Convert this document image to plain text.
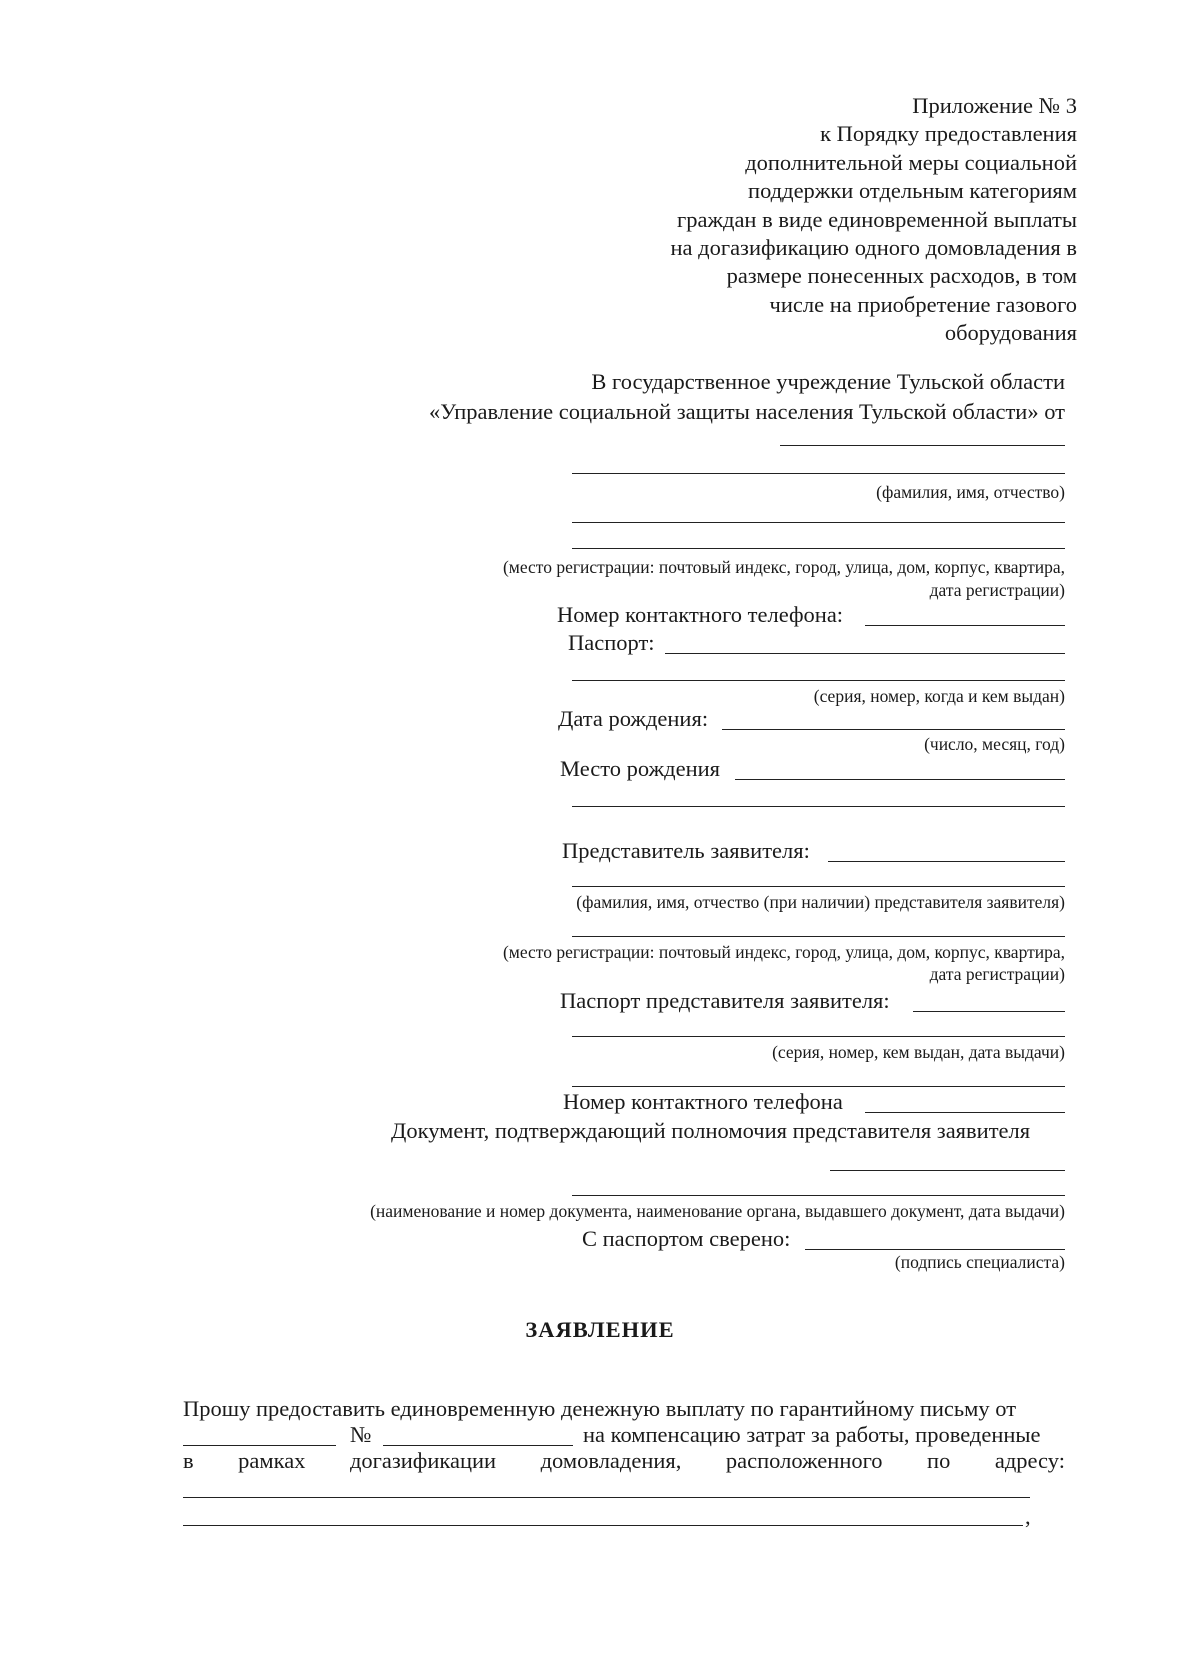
Приложение № 3
к Порядку предоставления
дополнительной меры социальной
поддержки отдельным категориям
граждан в виде единовременной выплаты
на догазификацию одного домовладения в
размере понесенных расходов, в том
числе на приобретение газового
оборудования
В государственное учреждение Тульской области
«Управление социальной защиты населения Тульской области» от
(фамилия, имя, отчество)
(место регистрации: почтовый индекс, город, улица, дом, корпус, квартира,
дата регистрации)
Номер контактного телефона:
Паспорт:
(серия, номер, когда и кем выдан)
Дата рождения:
(число, месяц, год)
Место рождения
Представитель заявителя:
(фамилия, имя, отчество (при наличии) представителя заявителя)
(место регистрации: почтовый индекс, город, улица, дом, корпус, квартира,
дата регистрации)
Паспорт представителя заявителя:
(серия, номер, кем выдан, дата выдачи)
Номер контактного телефона
Документ, подтверждающий полномочия представителя заявителя
(наименование и номер документа, наименование органа, выдавшего документ, дата выдачи)
С паспортом сверено:
(подпись специалиста)
ЗАЯВЛЕНИЕ
Прошу предоставить единовременную денежную выплату по гарантийному письму от
№	на компенсацию затрат за работы, проведенные
в рамках догазификации домовладения, расположенного по адресу:
,
